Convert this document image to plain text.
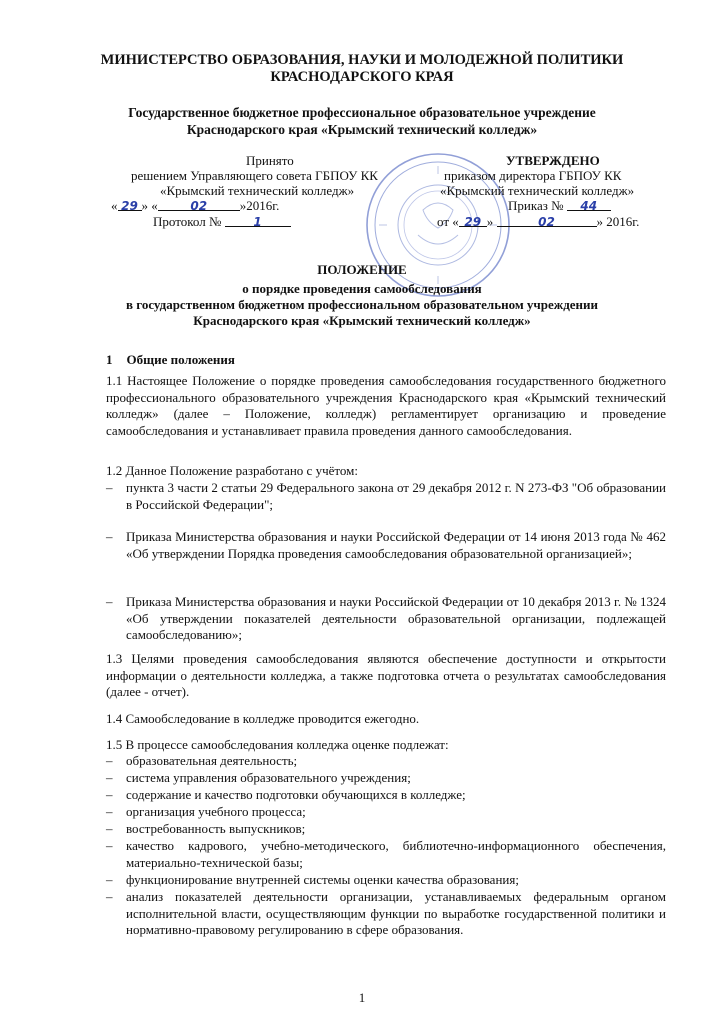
МИНИСТЕРСТВО ОБРАЗОВАНИЯ, НАУКИ И МОЛОДЕЖНОЙ ПОЛИТИКИ
КРАСНОДАРСКОГО КРАЯ
Государственное бюджетное профессиональное образовательное учреждение
Краснодарского края «Крымский технический колледж»
Принято
решением Управляющего совета ГБПОУ КК
«Крымский технический колледж»
« 29 » «	02	»2016г.
Протокол №	1
УТВЕРЖДЕНО
приказом директора ГБПОУ КК
«Крымский технический колледж»
Приказ № 44
от « 29 »	02	» 2016г.
ПОЛОЖЕНИЕ
о порядке проведения самообследования
в государственном бюджетном профессиональном образовательном учреждении
Краснодарского края «Крымский технический колледж»
1 Общие положения
1.1 Настоящее Положение о порядке проведения самообследования государственного бюджетного профессионального образовательного учреждения Краснодарского края «Крымский технический колледж» (далее – Положение, колледж) регламентирует организацию и проведение самообследования и устанавливает правила проведения данного самообследования.
1.2 Данное Положение разработано с учётом:
–	пункта 3 части 2 статьи 29 Федерального закона от 29 декабря 2012 г. N 273-ФЗ "Об образовании в Российской Федерации";
–	Приказа Министерства образования и науки Российской Федерации от 14 июня 2013 года № 462 «Об утверждении Порядка проведения самообследования образовательной организацией»;
–	Приказа Министерства образования и науки Российской Федерации от 10 декабря 2013 г. № 1324 «Об утверждении показателей деятельности образовательной организации, подлежащей самообследованию»;
1.3 Целями проведения самообследования являются обеспечение доступности и открытости информации о деятельности колледжа, а также подготовка отчета о результатах самообследования (далее - отчет).
1.4 Самообследование в колледже проводится ежегодно.
1.5 В процессе самообследования колледжа оценке подлежат:
–	образовательная деятельность;
–	система управления образовательного учреждения;
–	содержание и качество подготовки обучающихся в колледже;
–	организация учебного процесса;
–	востребованность выпускников;
–	качество кадрового, учебно-методического, библиотечно-информационного обеспечения, материально-технической базы;
–	функционирование внутренней системы оценки качества образования;
–	анализ показателей деятельности организации, устанавливаемых федеральным органом исполнительной власти, осуществляющим функции по выработке государственной политики и нормативно-правовому регулированию в сфере образования.
1
